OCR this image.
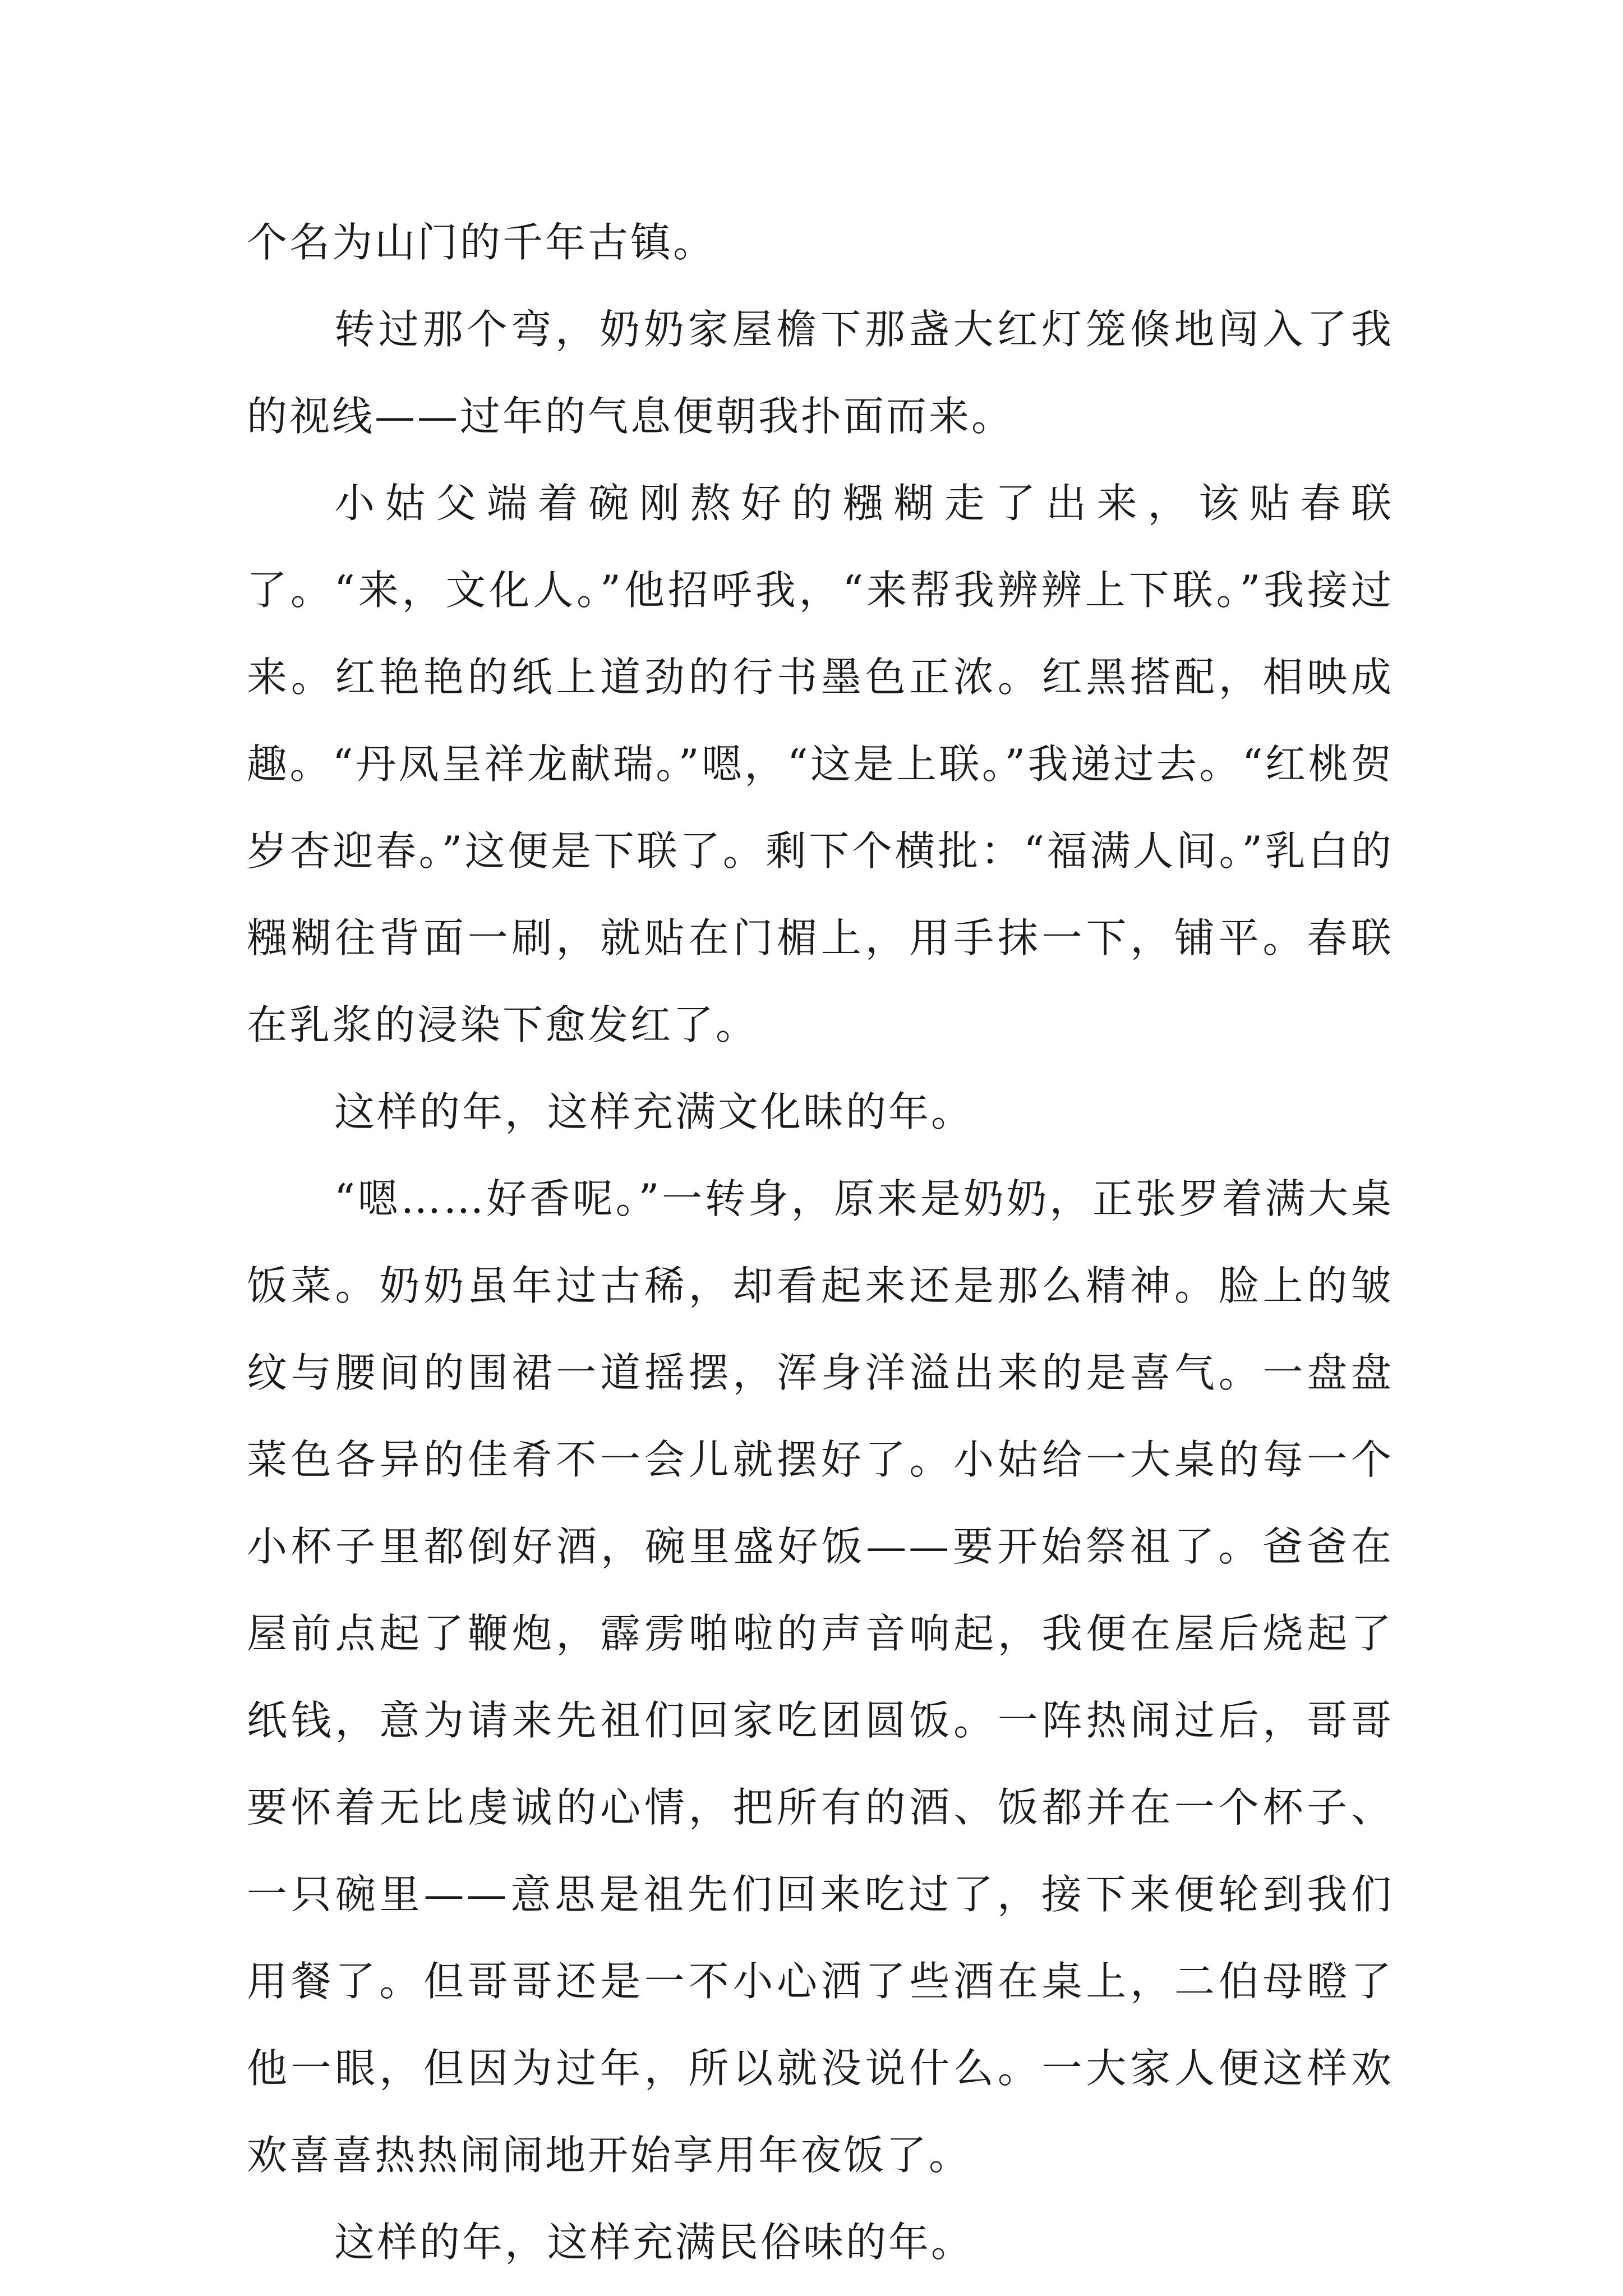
个名为山门的千年古镇。

转过那个弯，奶奶家屋檐下那盏大红灯笼倏地闯入了我的视线——过年的气息便朝我扑面而来。

小姑父端着碗刚熬好的糨糊走了出来，该贴春联了。“来，文化人。”他招呼我，“来帮我辨辨上下联。”我接过来。红艳艳的纸上道劲的行书墨色正浓。红黑搭配，相映成趣。“丹凤呈祥龙献瑞。”嗯，“这是上联。”我递过去。“红桃贺岁杏迎春。”这便是下联了。剩下个横批：“福满人间。”乳白的糨糊往背面一刷，就贴在门楣上，用手抹一下，铺平。春联在乳浆的浸染下愈发红了。

这样的年，这样充满文化昧的年。

“嗯……好香呢。”一转身，原来是奶奶，正张罗着满大桌饭菜。奶奶虽年过古稀，却看起来还是那么精神。脸上的皱纹与腰间的围裙一道摇摆，浑身洋溢出来的是喜气。一盘盘菜色各异的佳肴不一会儿就摆好了。小姑给一大桌的每一个小杯子里都倒好酒，碗里盛好饭——要开始祭祖了。爸爸在屋前点起了鞭炮，霹雳啪啦的声音响起，我便在屋后烧起了纸钱，意为请来先祖们回家吃团圆饭。一阵热闹过后，哥哥要怀着无比虔诚的心情，把所有的酒、饭都并在一个杯子、一只碗里——意思是祖先们回来吃过了，接下来便轮到我们用餐了。但哥哥还是一不小心洒了些酒在桌上，二伯母瞪了他一眼，但因为过年，所以就没说什么。一大家人便这样欢欢喜喜热热闹闹地开始享用年夜饭了。

这样的年，这样充满民俗味的年。
